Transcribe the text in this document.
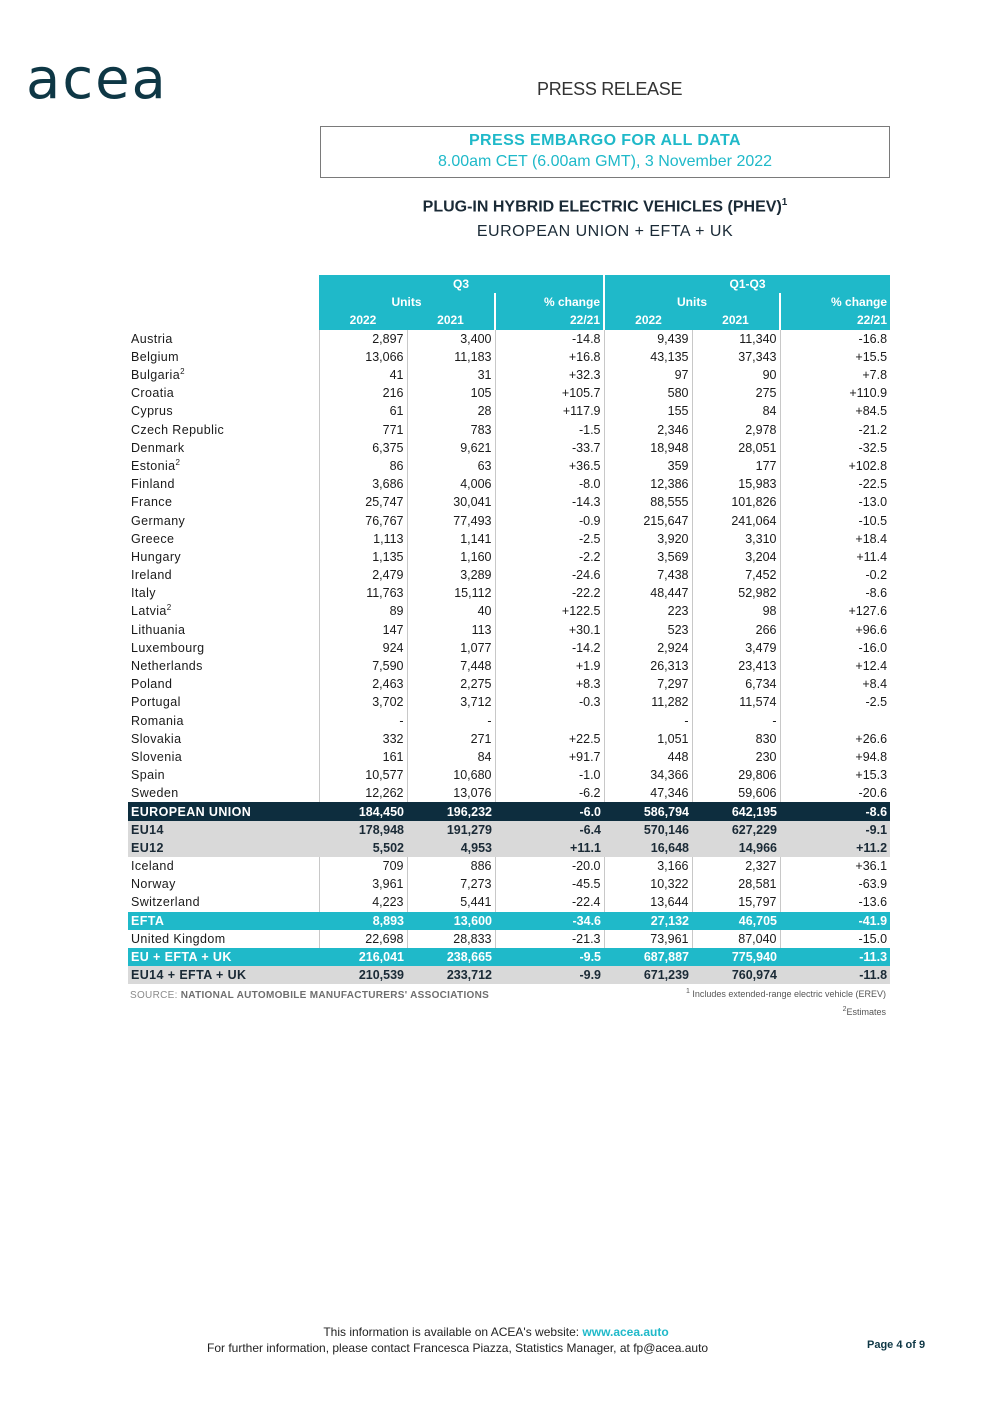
acea	PRESS RELEASE
PRESS EMBARGO FOR ALL DATA
8.00am CET (6.00am GMT), 3 November 2022
PLUG-IN HYBRID ELECTRIC VEHICLES (PHEV)$^1$
EUROPEAN UNION + EFTA + UK
	Q3			Q1-Q3		
	Units		% change	Units		% change
	2022	2021	22/21	2022	2021	22/21
Austria	2,897	3,400	-14.8	9,439	11,340	-16.8
Belgium	13,066	11,183	+16.8	43,135	37,343	+15.5
Bulgaria$^2$	41	31	+32.3	97	90	+7.8
Croatia	216	105	+105.7	580	275	+110.9
Cyprus	61	28	+117.9	155	84	+84.5
Czech Republic	771	783	-1.5	2,346	2,978	-21.2
Denmark	6,375	9,621	-33.7	18,948	28,051	-32.5
Estonia$^2$	86	63	+36.5	359	177	+102.8
Finland	3,686	4,006	-8.0	12,386	15,983	-22.5
France	25,747	30,041	-14.3	88,555	101,826	-13.0
Germany	76,767	77,493	-0.9	215,647	241,064	-10.5
Greece	1,113	1,141	-2.5	3,920	3,310	+18.4
Hungary	1,135	1,160	-2.2	3,569	3,204	+11.4
Ireland	2,479	3,289	-24.6	7,438	7,452	-0.2
Italy	11,763	15,112	-22.2	48,447	52,982	-8.6
Latvia$^2$	89	40	+122.5	223	98	+127.6
Lithuania	147	113	+30.1	523	266	+96.6
Luxembourg	924	1,077	-14.2	2,924	3,479	-16.0
Netherlands	7,590	7,448	+1.9	26,313	23,413	+12.4
Poland	2,463	2,275	+8.3	7,297	6,734	+8.4
Portugal	3,702	3,712	-0.3	11,282	11,574	-2.5
Romania	-	-		-	-	
Slovakia	332	271	+22.5	1,051	830	+26.6
Slovenia	161	84	+91.7	448	230	+94.8
Spain	10,577	10,680	-1.0	34,366	29,806	+15.3
Sweden	12,262	13,076	-6.2	47,346	59,606	-20.6
EUROPEAN UNION	184,450	196,232	-6.0	586,794	642,195	-8.6
EU14	178,948	191,279	-6.4	570,146	627,229	-9.1
EU12	5,502	4,953	+11.1	16,648	14,966	+11.2
Iceland	709	886	-20.0	3,166	2,327	+36.1
Norway	3,961	7,273	-45.5	10,322	28,581	-63.9
Switzerland	4,223	5,441	-22.4	13,644	15,797	-13.6
EFTA	8,893	13,600	-34.6	27,132	46,705	-41.9
United Kingdom	22,698	28,833	-21.3	73,961	87,040	-15.0
EU + EFTA + UK	216,041	238,665	-9.5	687,887	775,940	-11.3
EU14 + EFTA + UK	210,539	233,712	-9.9	671,239	760,974	-11.8
SOURCE: NATIONAL AUTOMOBILE MANUFACTURERS' ASSOCIATIONS	$^1$ Includes extended-range electric vehicle (EREV)
$^2$Estimates
This information is available on ACEA's website: www.acea.auto
For further information, please contact Francesca Piazza, Statistics Manager, at fp@acea.auto	Page 4 of 9
